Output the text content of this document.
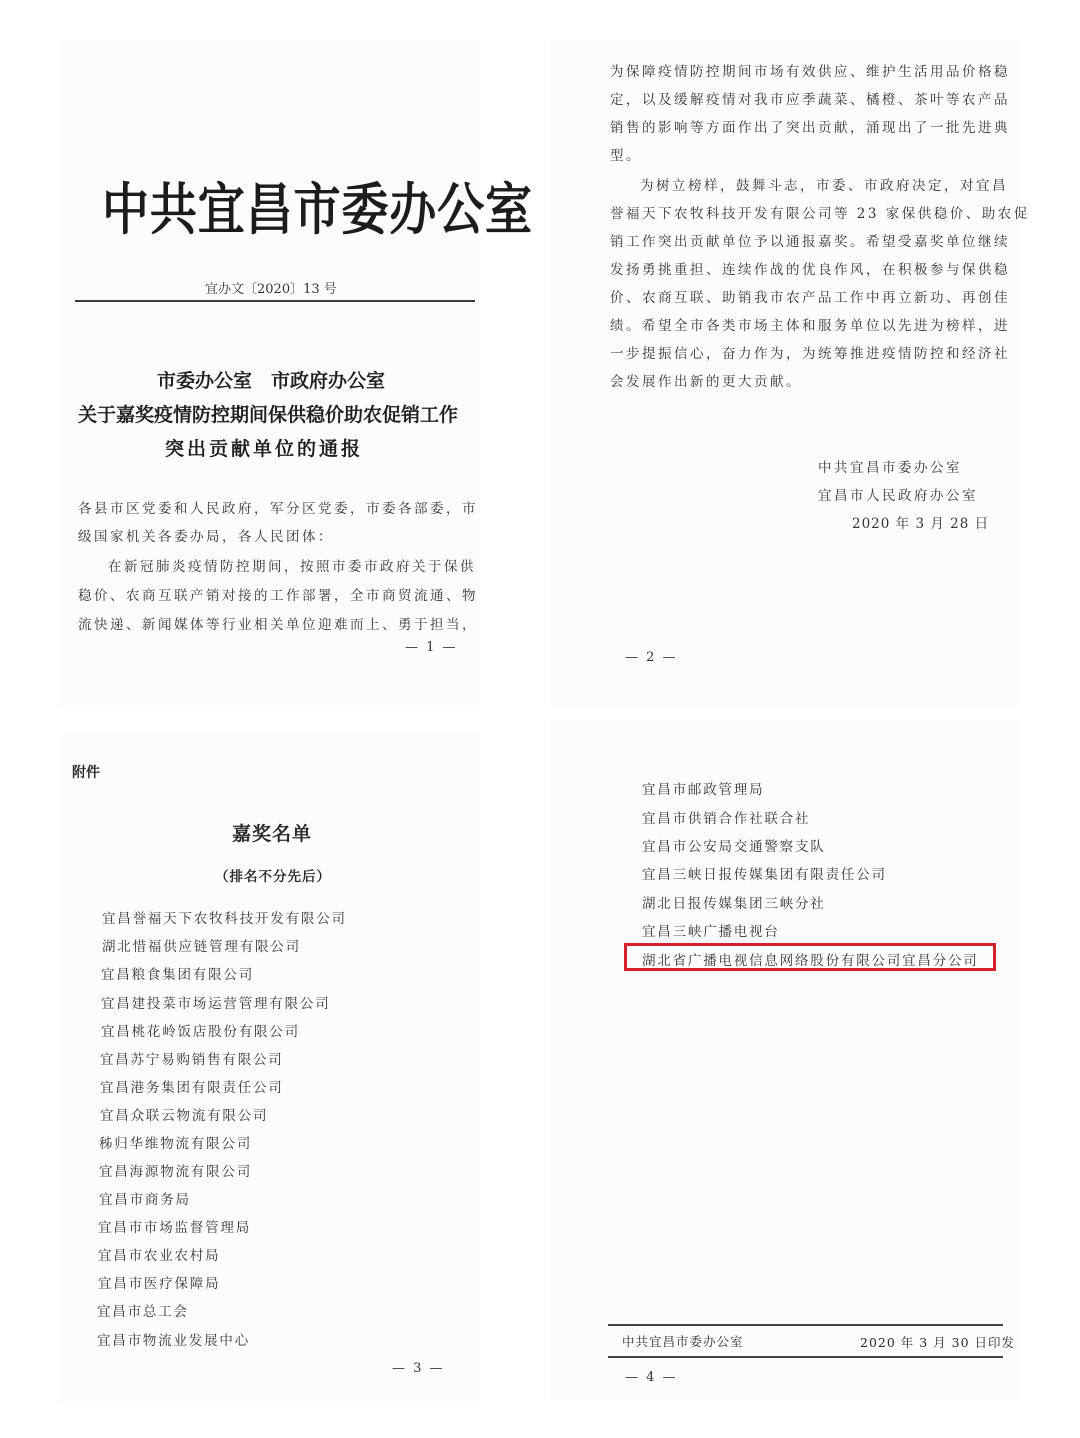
中共宜昌市委办公室
宜办文〔2020〕13 号
市委办公室　市政府办公室
关于嘉奖疫情防控期间保供稳价助农促销工作
突出贡献单位的通报
各县市区党委和人民政府，军分区党委，市委各部委，市
级国家机关各委办局，各人民团体：
在新冠肺炎疫情防控期间，按照市委市政府关于保供
稳价、农商互联产销对接的工作部署，全市商贸流通、物
流快递、新闻媒体等行业相关单位迎难而上、勇于担当，
— 1 —
为保障疫情防控期间市场有效供应、维护生活用品价格稳
定，以及缓解疫情对我市应季蔬菜、橘橙、茶叶等农产品
销售的影响等方面作出了突出贡献，涌现出了一批先进典
型。
为树立榜样，鼓舞斗志，市委、市政府决定，对宜昌
誉福天下农牧科技开发有限公司等 23 家保供稳价、助农促
销工作突出贡献单位予以通报嘉奖。希望受嘉奖单位继续
发扬勇挑重担、连续作战的优良作风，在积极参与保供稳
价、农商互联、助销我市农产品工作中再立新功、再创佳
绩。希望全市各类市场主体和服务单位以先进为榜样，进
一步提振信心，奋力作为，为统筹推进疫情防控和经济社
会发展作出新的更大贡献。
中共宜昌市委办公室
宜昌市人民政府办公室
2020 年 3 月 28 日
— 2 —
附件
嘉奖名单
（排名不分先后）
宜昌誉福天下农牧科技开发有限公司
湖北惜福供应链管理有限公司
宜昌粮食集团有限公司
宜昌建投菜市场运营管理有限公司
宜昌桃花岭饭店股份有限公司
宜昌苏宁易购销售有限公司
宜昌港务集团有限责任公司
宜昌众联云物流有限公司
秭归华维物流有限公司
宜昌海源物流有限公司
宜昌市商务局
宜昌市市场监督管理局
宜昌市农业农村局
宜昌市医疗保障局
宜昌市总工会
宜昌市物流业发展中心
— 3 —
宜昌市邮政管理局
宜昌市供销合作社联合社
宜昌市公安局交通警察支队
宜昌三峡日报传媒集团有限责任公司
湖北日报传媒集团三峡分社
宜昌三峡广播电视台
湖北省广播电视信息网络股份有限公司宜昌分公司
中共宜昌市委办公室	2020 年 3 月 30 日印发
— 4 —
